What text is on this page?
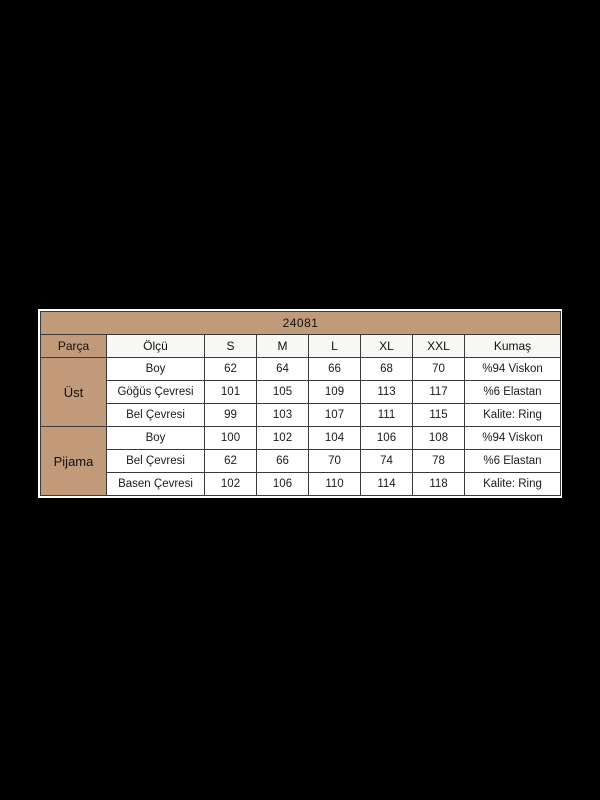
24081							
Parça	Ölçü	S	M	L	XL	XXL	Kumaş
Üst	Boy	62	64	66	68	70	%94 Viskon
	Göğüs Çevresi	101	105	109	113	117	%6 Elastan
	Bel Çevresi	99	103	107	111	115	Kalite: Ring
Pijama	Boy	100	102	104	106	108	%94 Viskon
	Bel Çevresi	62	66	70	74	78	%6 Elastan
	Basen Çevresi	102	106	110	114	118	Kalite: Ring
